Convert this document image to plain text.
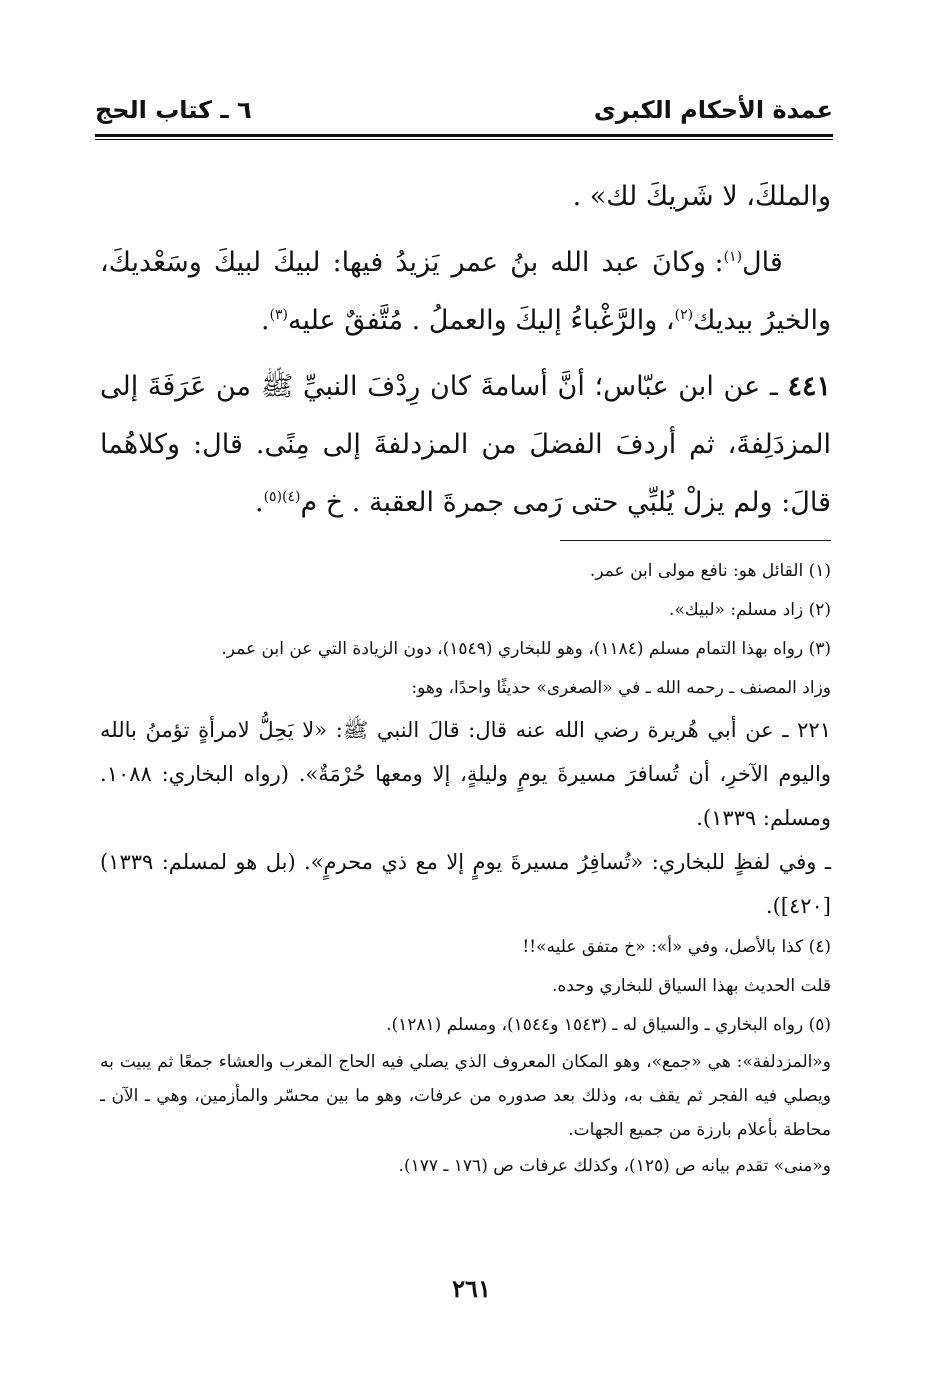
عمدة الأحكام الكبرى
٦ ـ كتاب الحج

والملكَ، لا شَريكَ لك» .

قال$^{(١)}$: وكانَ عبد الله بنُ عمر يَزيدُ فيها: لبيكَ لبيكَ وسَعْديكَ، والخيرُ بيديك$^{(٢)}$، والرَّغْباءُ إليكَ والعملُ . مُتَّفقٌ عليه$^{(٣)}$.

٤٤١ ـ عن ابن عبّاس؛ أنَّ أسامةَ كان رِدْفَ النبيِّ ﷺ من عَرَفَةَ إلى المزدَلِفةَ، ثم أردفَ الفضلَ من المزدلفةَ إلى مِنًى. قال: وكلاهُما قالَ: ولم يزلْ يُلبِّي حتى رَمى جمرةَ العقبة . خ م$^{(٤)(٥)}$.

(١) القائل هو: نافع مولى ابن عمر.

(٢) زاد مسلم: «لبيك».

(٣) رواه بهذا التمام مسلم (١١٨٤)، وهو للبخاري (١٥٤٩)، دون الزيادة التي عن ابن عمر.

وزاد المصنف ـ رحمه الله ـ في «الصغرى» حديثًا واحدًا، وهو:

٢٢١ ـ عن أبي هُريرة رضي الله عنه قال: قالَ النبي ﷺ: «لا يَحِلُّ لامرأةٍ تؤمنُ بالله واليوم الآخرِ، أن تُسافرَ مسيرةَ يومٍ وليلةٍ، إلا ومعها حُرْمَةٌ». (رواه البخاري: ١٠٨٨. ومسلم: ١٣٣٩).

ـ وفي لفظٍ للبخاري: «تُسافِرُ مسيرةَ يومٍ إلا مع ذي محرمٍ». (بل هو لمسلم: ١٣٣٩)[٤٢٠]).

(٤) كذا بالأصل، وفي «أ»: «خ متفق عليه»!!

قلت الحديث بهذا السياق للبخاري وحده.

(٥) رواه البخاري ـ والسياق له ـ (١٥٤٣ و١٥٤٤)، ومسلم (١٢٨١).

و«المزدلفة»: هي «جمع»، وهو المكان المعروف الذي يصلي فيه الحاج المغرب والعشاء جمعًا ثم يبيت به ويصلي فيه الفجر ثم يقف به، وذلك بعد صدوره من عرفات، وهو ما بين محسّر والمأزمين، وهي ـ الآن ـ محاطة بأعلام بارزة من جميع الجهات.

و«منى» تقدم بيانه ص (١٢٥)، وكذلك عرفات ص (١٧٦ ـ ١٧٧).

٢٦١
